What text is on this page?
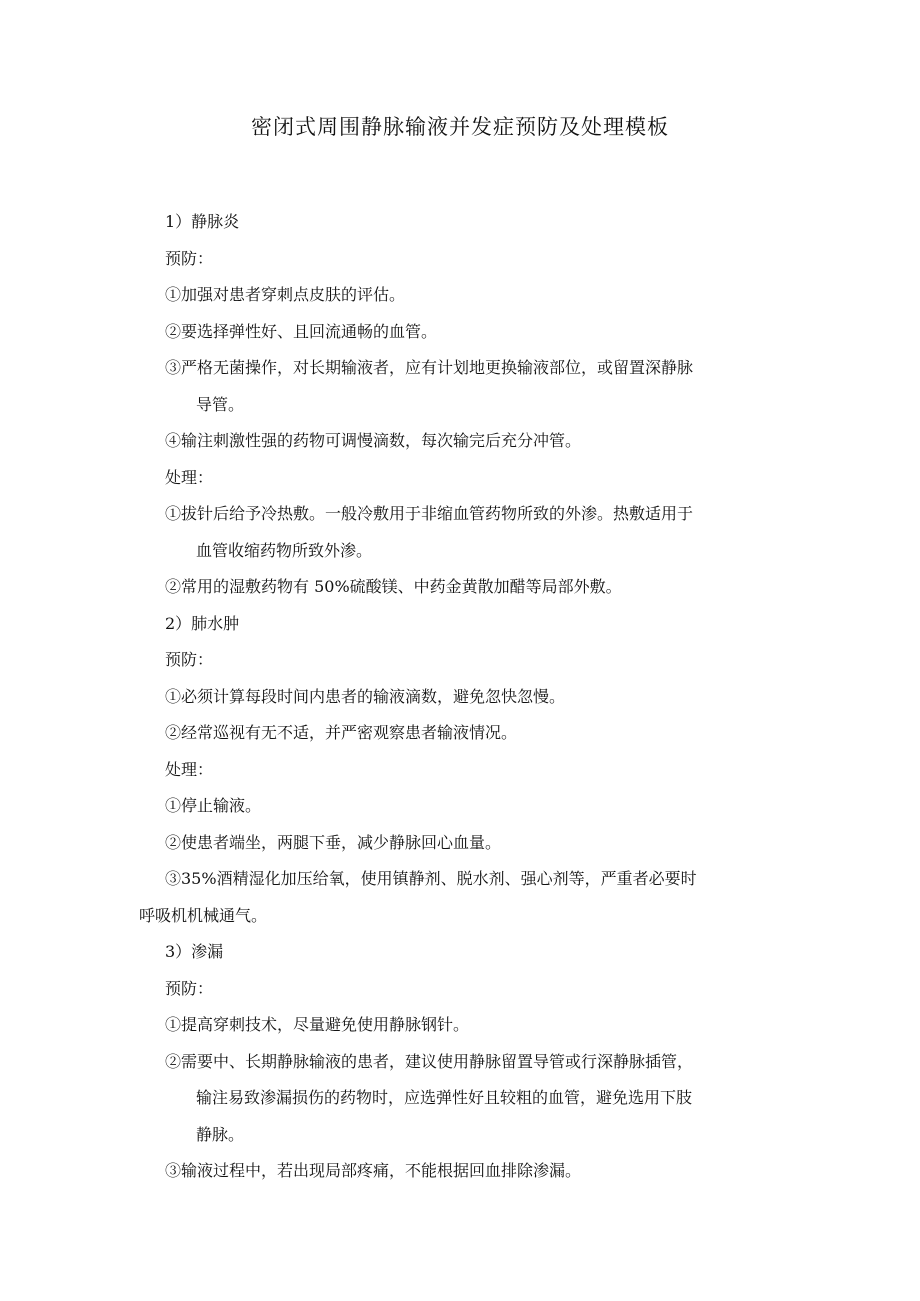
密闭式周围静脉输液并发症预防及处理模板
1）静脉炎
预防：
①加强对患者穿刺点皮肤的评估。
②要选择弹性好、且回流通畅的血管。
③严格无菌操作，对长期输液者，应有计划地更换输液部位，或留置深静脉
导管。
④输注刺激性强的药物可调慢滴数，每次输完后充分冲管。
处理：
①拔针后给予冷热敷。一般冷敷用于非缩血管药物所致的外渗。热敷适用于
血管收缩药物所致外渗。
②常用的湿敷药物有 50%硫酸镁、中药金黄散加醋等局部外敷。
2）肺水肿
预防：
①必须计算每段时间内患者的输液滴数，避免忽快忽慢。
②经常巡视有无不适，并严密观察患者输液情况。
处理：
①停止输液。
②使患者端坐，两腿下垂，减少静脉回心血量。
③35%酒精湿化加压给氧，使用镇静剂、脱水剂、强心剂等，严重者必要时
呼吸机机械通气。
3）渗漏
预防：
①提高穿刺技术，尽量避免使用静脉钢针。
②需要中、长期静脉输液的患者，建议使用静脉留置导管或行深静脉插管，
输注易致渗漏损伤的药物时，应选弹性好且较粗的血管，避免选用下肢
静脉。
③输液过程中，若出现局部疼痛，不能根据回血排除渗漏。
